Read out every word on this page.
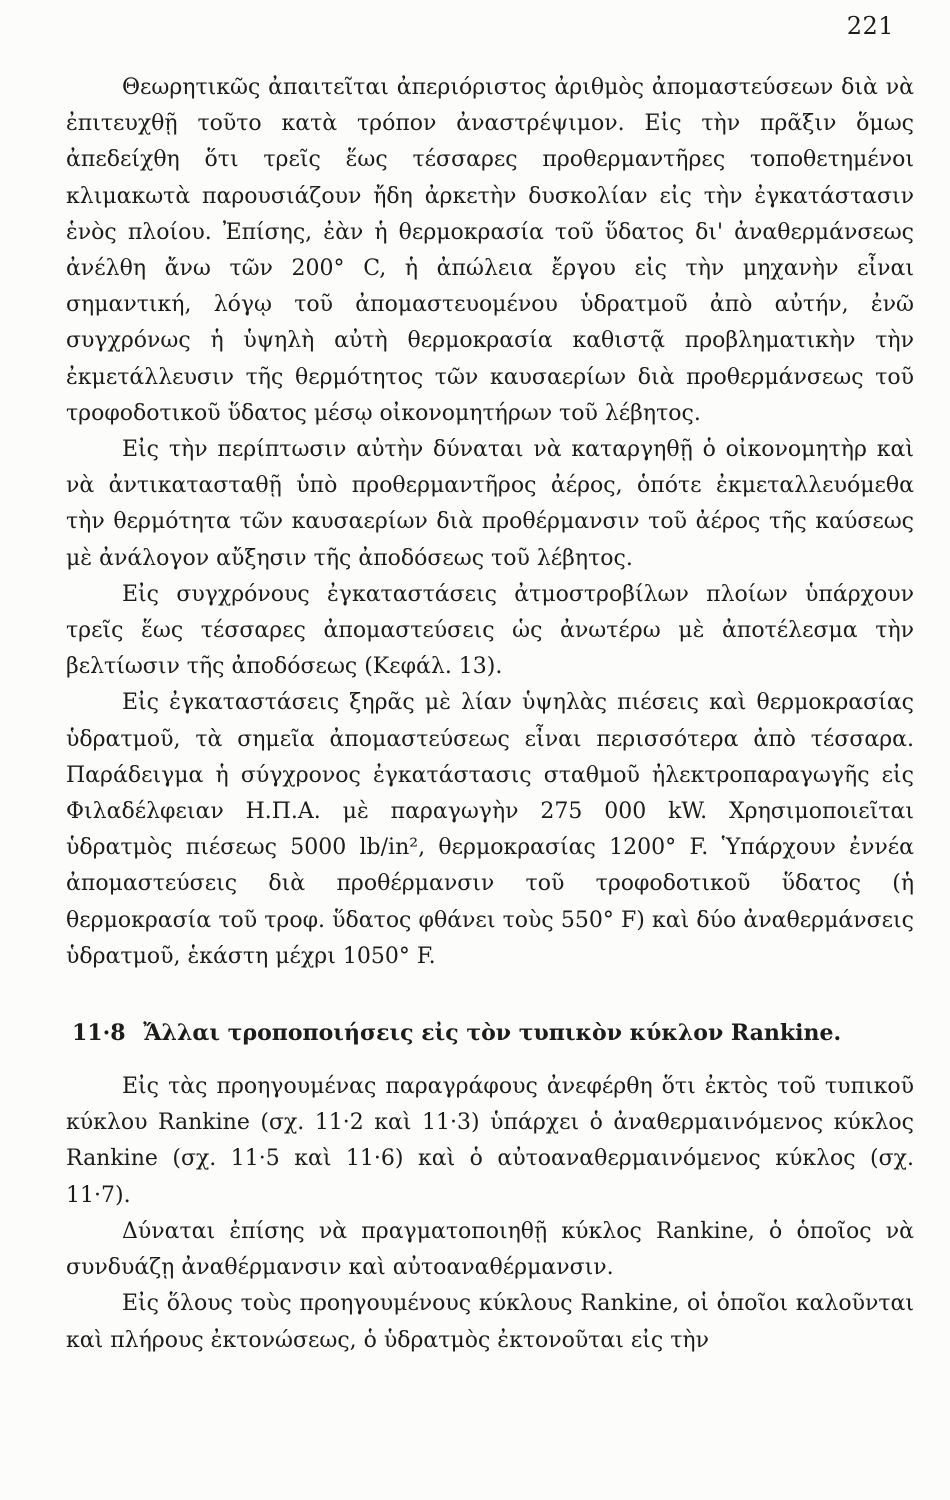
221

Θεωρητικῶς ἀπαιτεῖται ἀπεριόριστος ἀριθμὸς ἀπομαστεύσεων διὰ νὰ ἐπιτευχθῇ τοῦτο κατὰ τρόπον ἀναστρέψιμον. Εἰς τὴν πρᾶξιν ὅμως ἀπεδείχθη ὅτι τρεῖς ἕως τέσσαρες προθερμαντῆρες τοποθετημένοι κλιμακωτὰ παρουσιάζουν ἤδη ἀρκετὴν δυσκολίαν εἰς τὴν ἐγκατάστασιν ἑνὸς πλοίου. Ἐπίσης, ἐὰν ἡ θερμοκρασία τοῦ ὕδατος δι' ἀναθερμάνσεως ἀνέλθη ἄνω τῶν 200° C, ἡ ἀπώλεια ἔργου εἰς τὴν μηχανὴν εἶναι σημαντική, λόγῳ τοῦ ἀπομαστευομένου ὑδρατμοῦ ἀπὸ αὐτήν, ἐνῶ συγχρόνως ἡ ὑψηλὴ αὐτὴ θερμοκρασία καθιστᾷ προβληματικὴν τὴν ἐκμετάλλευσιν τῆς θερμότητος τῶν καυσαερίων διὰ προθερμάνσεως τοῦ τροφοδοτικοῦ ὕδατος μέσῳ οἰκονομητήρων τοῦ λέβητος.

Εἰς τὴν περίπτωσιν αὐτὴν δύναται νὰ καταργηθῇ ὁ οἰκονομητὴρ καὶ νὰ ἀντικατασταθῇ ὑπὸ προθερμαντῆρος ἀέρος, ὁπότε ἐκμεταλλευόμεθα τὴν θερμότητα τῶν καυσαερίων διὰ προθέρμανσιν τοῦ ἀέρος τῆς καύσεως μὲ ἀνάλογον αὔξησιν τῆς ἀποδόσεως τοῦ λέβητος.

Εἰς συγχρόνους ἐγκαταστάσεις ἀτμοστροβίλων πλοίων ὑπάρχουν τρεῖς ἕως τέσσαρες ἀπομαστεύσεις ὡς ἀνωτέρω μὲ ἀποτέλεσμα τὴν βελτίωσιν τῆς ἀποδόσεως (Κεφάλ. 13).

Εἰς ἐγκαταστάσεις ξηρᾶς μὲ λίαν ὑψηλὰς πιέσεις καὶ θερμοκρασίας ὑδρατμοῦ, τὰ σημεῖα ἀπομαστεύσεως εἶναι περισσότερα ἀπὸ τέσσαρα. Παράδειγμα ἡ σύγχρονος ἐγκατάστασις σταθμοῦ ἠλεκτροπαραγωγῆς εἰς Φιλαδέλφειαν Η.Π.Α. μὲ παραγωγὴν 275 000 kW. Χρησιμοποιεῖται ὑδρατμὸς πιέσεως 5000 lb/in², θερμοκρασίας 1200° F. Ὑπάρχουν ἐννέα ἀπομαστεύσεις διὰ προθέρμανσιν τοῦ τροφοδοτικοῦ ὕδατος (ἡ θερμοκρασία τοῦ τροφ. ὕδατος φθάνει τοὺς 550° F) καὶ δύο ἀναθερμάνσεις ὑδρατμοῦ, ἑκάστη μέχρι 1050° F.

11·8 Ἄλλαι τροποποιήσεις εἰς τὸν τυπικὸν κύκλον Rankine.

Εἰς τὰς προηγουμένας παραγράφους ἀνεφέρθη ὅτι ἐκτὸς τοῦ τυπικοῦ κύκλου Rankine (σχ. 11·2 καὶ 11·3) ὑπάρχει ὁ ἀναθερμαινόμενος κύκλος Rankine (σχ. 11·5 καὶ 11·6) καὶ ὁ αὐτοαναθερμαινόμενος κύκλος (σχ. 11·7).

Δύναται ἐπίσης νὰ πραγματοποιηθῇ κύκλος Rankine, ὁ ὁποῖος νὰ συνδυάζῃ ἀναθέρμανσιν καὶ αὐτοαναθέρμανσιν.

Εἰς ὅλους τοὺς προηγουμένους κύκλους Rankine, οἱ ὁποῖοι καλοῦνται καὶ πλήρους ἐκτονώσεως, ὁ ὑδρατμὸς ἐκτονοῦται εἰς τὴν
